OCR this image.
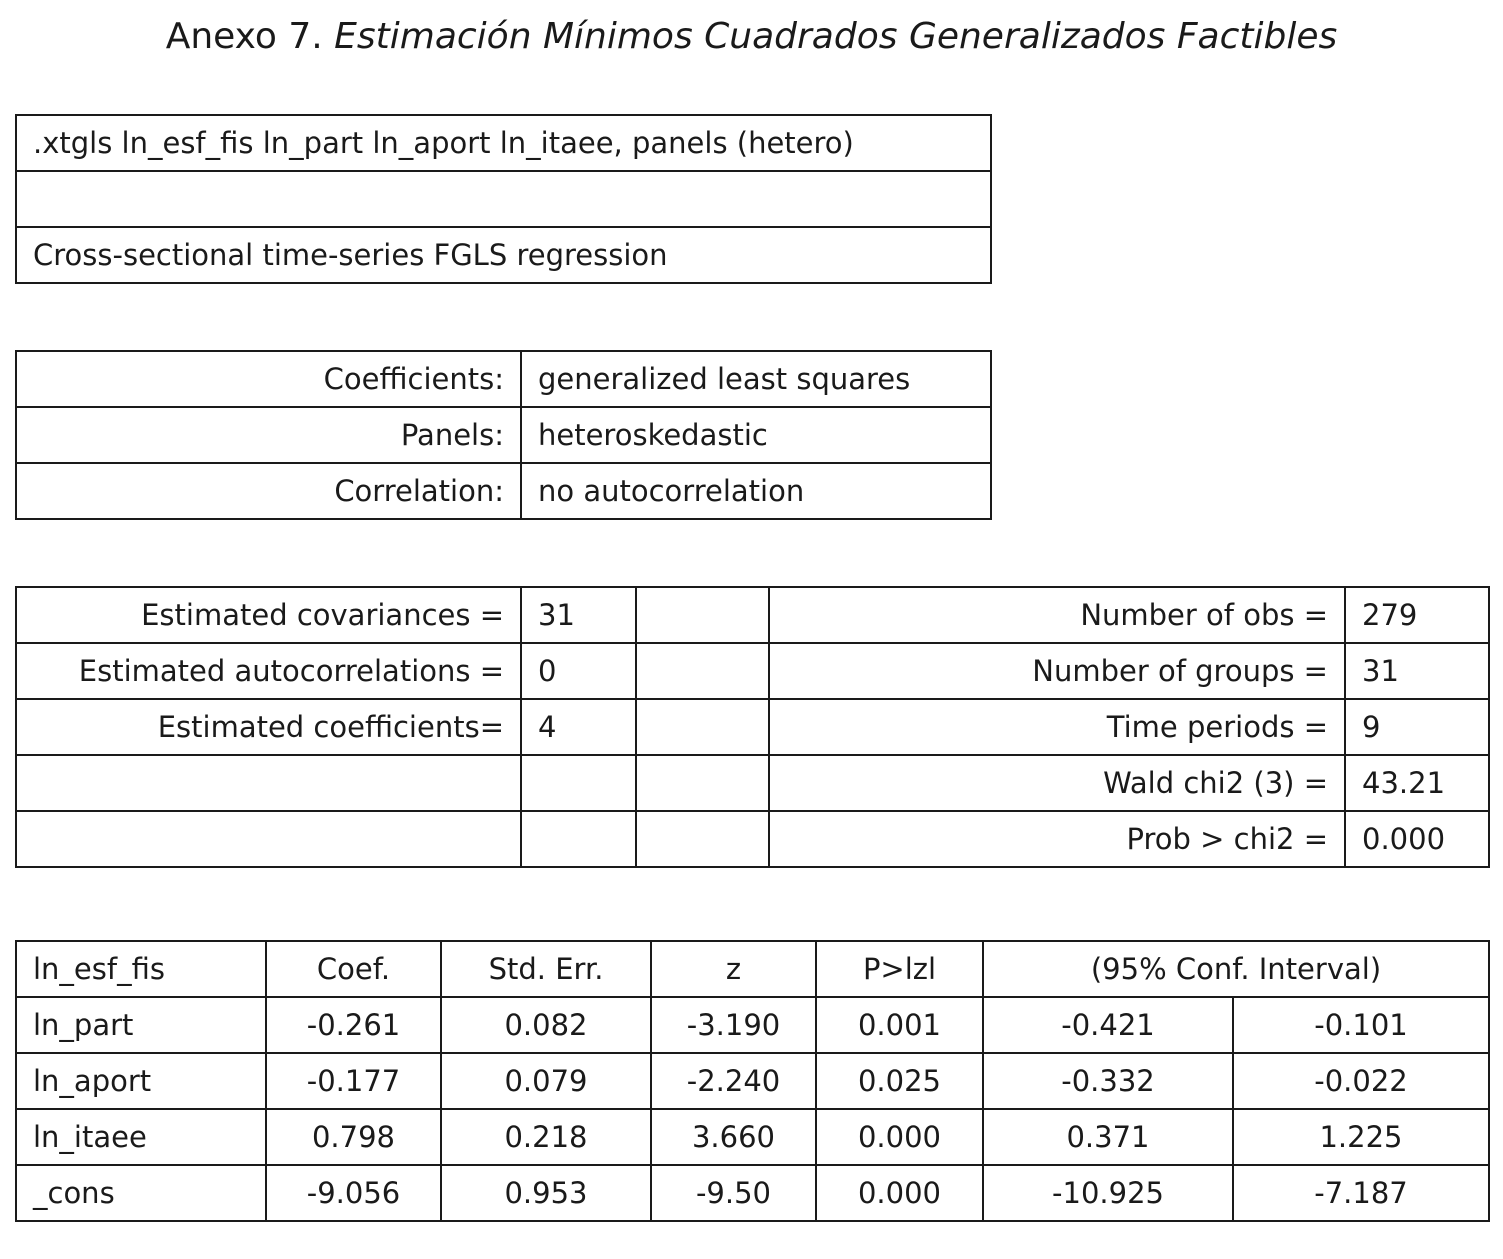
Anexo 7. Estimación Mínimos Cuadrados Generalizados Factibles
.xtgls ln_esf_fis ln_part ln_aport ln_itaee, panels (hetero)

Cross-sectional time-series FGLS regression
Coefficients:	generalized least squares
Panels:	heteroskedastic
Correlation:	no autocorrelation
Estimated covariances =	31		Number of obs =	279
Estimated autocorrelations =	0		Number of groups =	31
Estimated coefficients=	4		Time periods =	9
			Wald chi2 (3) =	43.21
			Prob > chi2 =	0.000
ln_esf_fis	Coef.	Std. Err.	z	P>lzl	(95% Conf. Interval)	
ln_part	-0.261	0.082	-3.190	0.001	-0.421	-0.101
ln_aport	-0.177	0.079	-2.240	0.025	-0.332	-0.022
ln_itaee	0.798	0.218	3.660	0.000	0.371	1.225
_cons	-9.056	0.953	-9.50	0.000	-10.925	-7.187
